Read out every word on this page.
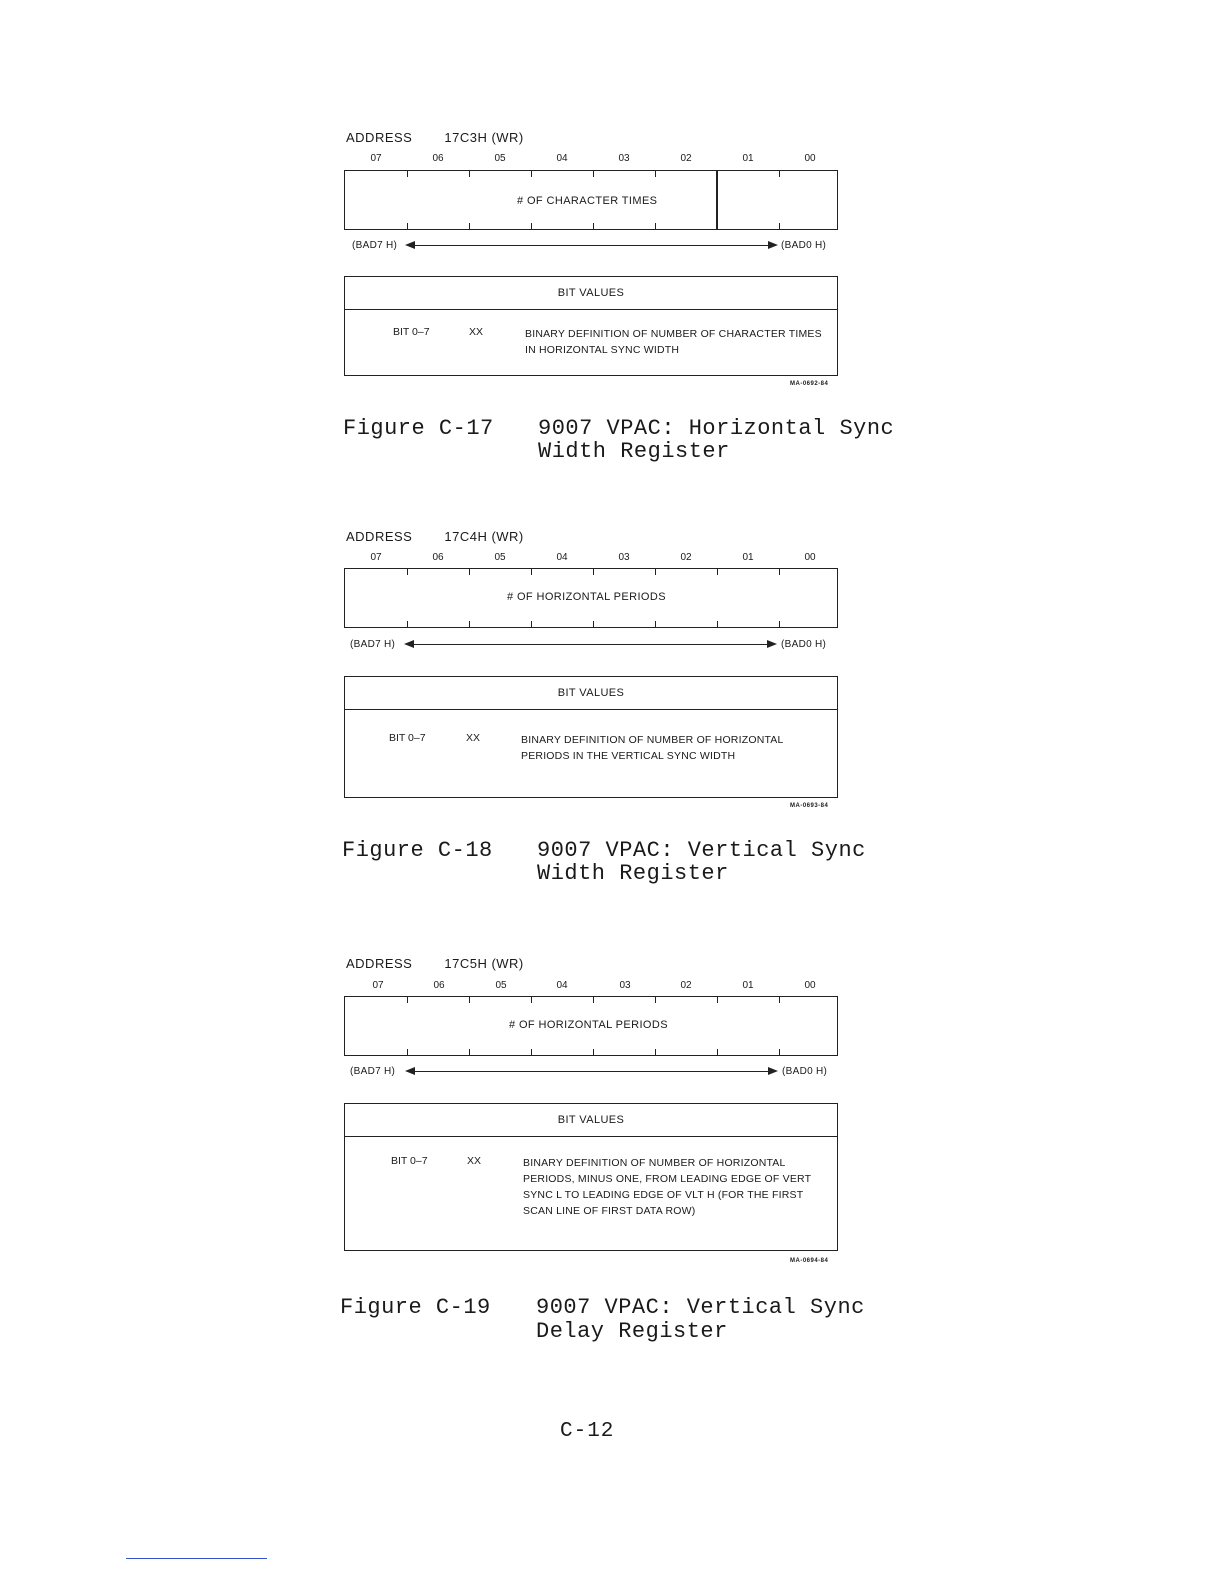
ADDRESS 17C3H (WR)
07	06	05	04	03	02	01	00
# OF CHARACTER TIMES
(BAD7 H)	(BAD0 H)
BIT VALUES
BIT 0–7	XX	BINARY DEFINITION OF NUMBER OF CHARACTER TIMES IN HORIZONTAL SYNC WIDTH
MA-0692-84
Figure C-17 9007 VPAC: Horizontal Sync
Width Register
ADDRESS 17C4H (WR)
07	06	05	04	03	02	01	00
# OF HORIZONTAL PERIODS
(BAD7 H)	(BAD0 H)
BIT VALUES
BIT 0–7	XX	BINARY DEFINITION OF NUMBER OF HORIZONTAL PERIODS IN THE VERTICAL SYNC WIDTH
MA-0693-84
Figure C-18 9007 VPAC: Vertical Sync
Width Register
ADDRESS 17C5H (WR)
07	06	05	04	03	02	01	00
# OF HORIZONTAL PERIODS
(BAD7 H)	(BAD0 H)
BIT VALUES
BIT 0–7	XX	BINARY DEFINITION OF NUMBER OF HORIZONTAL PERIODS, MINUS ONE, FROM LEADING EDGE OF VERT SYNC L TO LEADING EDGE OF VLT H (FOR THE FIRST SCAN LINE OF FIRST DATA ROW)
MA-0694-84
Figure C-19 9007 VPAC: Vertical Sync
Delay Register
C-12
